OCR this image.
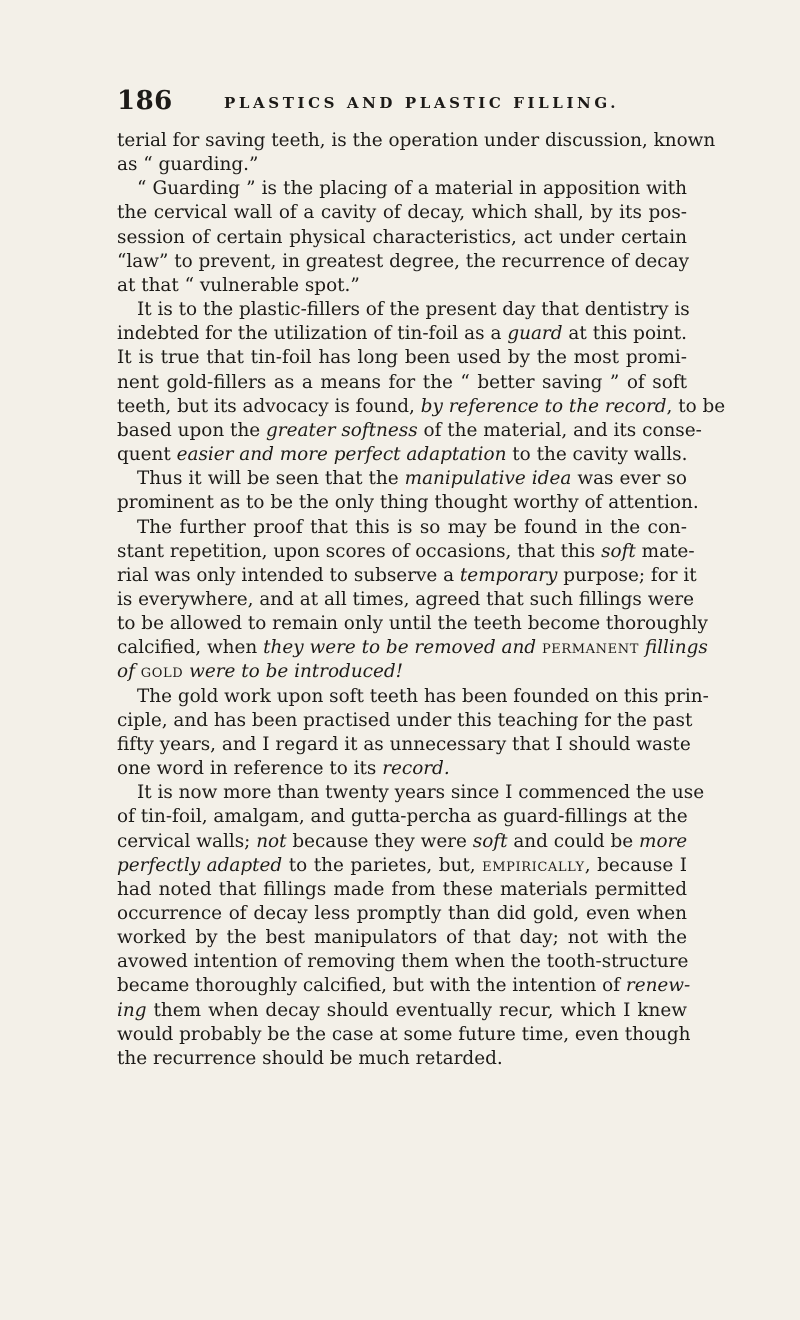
186	PLASTICS AND PLASTIC FILLING.
terial for saving teeth, is the operation under discussion, known
as “ guarding.”
“ Guarding ” is the placing of a material in apposition with
the cervical wall of a cavity of decay, which shall, by its pos-
session of certain physical characteristics, act under certain
“law” to prevent, in greatest degree, the recurrence of decay
at that “ vulnerable spot.”
It is to the plastic-fillers of the present day that dentistry is
indebted for the utilization of tin-foil as a guard at this point.
It is true that tin-foil has long been used by the most promi-
nent gold-fillers as a means for the “ better saving ” of soft
teeth, but its advocacy is found, by reference to the record, to be
based upon the greater softness of the material, and its conse-
quent easier and more perfect adaptation to the cavity walls.
Thus it will be seen that the manipulative idea was ever so
prominent as to be the only thing thought worthy of attention.
The further proof that this is so may be found in the con-
stant repetition, upon scores of occasions, that this soft mate-
rial was only intended to subserve a temporary purpose; for it
is everywhere, and at all times, agreed that such fillings were
to be allowed to remain only until the teeth become thoroughly
calcified, when they were to be removed and permanent fillings
of gold were to be introduced!
The gold work upon soft teeth has been founded on this prin-
ciple, and has been practised under this teaching for the past
fifty years, and I regard it as unnecessary that I should waste
one word in reference to its record.
It is now more than twenty years since I commenced the use
of tin-foil, amalgam, and gutta-percha as guard-fillings at the
cervical walls; not because they were soft and could be more
perfectly adapted to the parietes, but, empirically, because I
had noted that fillings made from these materials permitted
occurrence of decay less promptly than did gold, even when
worked by the best manipulators of that day; not with the
avowed intention of removing them when the tooth-structure
became thoroughly calcified, but with the intention of renew-
ing them when decay should eventually recur, which I knew
would probably be the case at some future time, even though
the recurrence should be much retarded.
